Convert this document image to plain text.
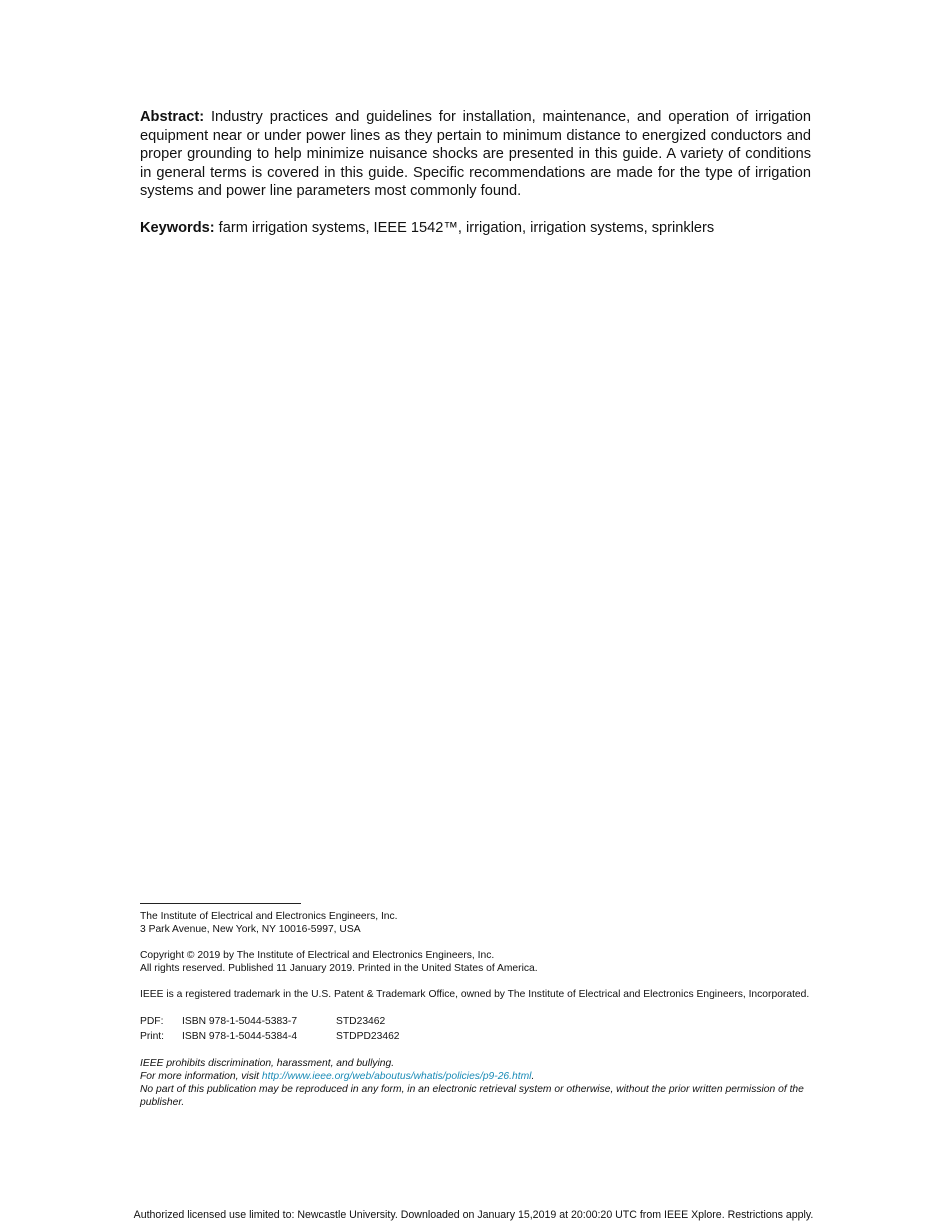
Abstract: Industry practices and guidelines for installation, maintenance, and operation of irrigation equipment near or under power lines as they pertain to minimum distance to energized conductors and proper grounding to help minimize nuisance shocks are presented in this guide. A variety of conditions in general terms is covered in this guide. Specific recommendations are made for the type of irrigation systems and power line parameters most commonly found.

Keywords: farm irrigation systems, IEEE 1542™, irrigation, irrigation systems, sprinklers

The Institute of Electrical and Electronics Engineers, Inc.
3 Park Avenue, New York, NY 10016-5997, USA
Copyright © 2019 by The Institute of Electrical and Electronics Engineers, Inc.
All rights reserved. Published 11 January 2019. Printed in the United States of America.
IEEE is a registered trademark in the U.S. Patent & Trademark Office, owned by The Institute of Electrical and Electronics Engineers, Incorporated.
PDF:	ISBN 978-1-5044-5383-7	STD23462
Print:	ISBN 978-1-5044-5384-4	STDPD23462
IEEE prohibits discrimination, harassment, and bullying.
For more information, visit http://www.ieee.org/web/aboutus/whatis/policies/p9-26.html.
No part of this publication may be reproduced in any form, in an electronic retrieval system or otherwise, without the prior written permission of the publisher.
Authorized licensed use limited to: Newcastle University. Downloaded on January 15,2019 at 20:00:20 UTC from IEEE Xplore. Restrictions apply.
